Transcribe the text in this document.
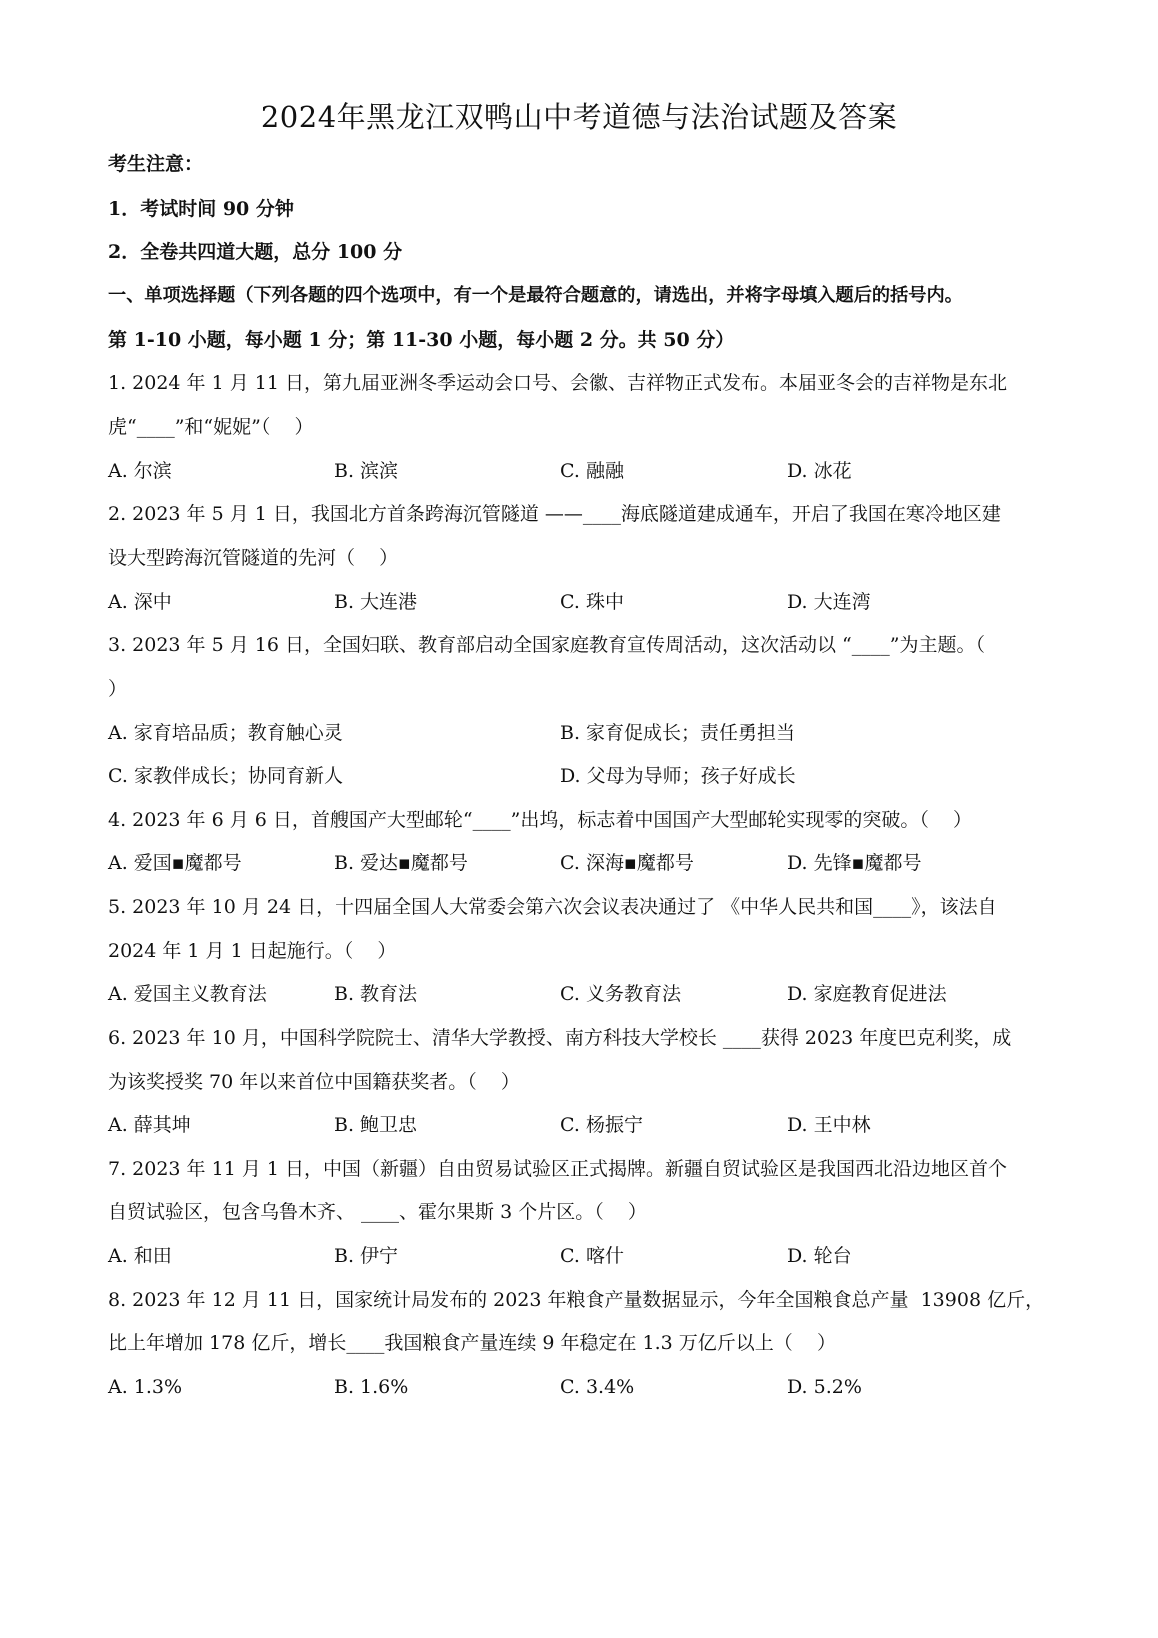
2024年黑龙江双鸭山中考道德与法治试题及答案
考生注意：
1．考试时间 90 分钟
2．全卷共四道大题，总分 100 分
一、单项选择题（下列各题的四个选项中，有一个是最符合题意的，请选出，并将字母填入题后的括号内。
第 1-10 小题，每小题 1 分；第 11-30 小题，每小题 2 分。共 50 分）
1. 2024 年 1 月 11 日，第九届亚洲冬季运动会口号、会徽、吉祥物正式发布。本届亚冬会的吉祥物是东北
虎“____”和“妮妮”（    ）
A. 尔滨	B. 滨滨	C. 融融	D. 冰花
2. 2023 年 5 月 1 日，我国北方首条跨海沉管隧道 ——____海底隧道建成通车，开启了我国在寒冷地区建
设大型跨海沉管隧道的先河（    ）
A. 深中	B. 大连港	C. 珠中	D. 大连湾
3. 2023 年 5 月 16 日，全国妇联、教育部启动全国家庭教育宣传周活动，这次活动以 “____”为主题。（
）
A. 家育培品质；教育触心灵	B. 家育促成长；责任勇担当
C. 家教伴成长；协同育新人	D. 父母为导师；孩子好成长
4. 2023 年 6 月 6 日，首艘国产大型邮轮“____”出坞，标志着中国国产大型邮轮实现零的突破。（    ）
A. 爱国▪魔都号	B. 爱达▪魔都号	C. 深海▪魔都号	D. 先锋▪魔都号
5. 2023 年 10 月 24 日，十四届全国人大常委会第六次会议表决通过了 《中华人民共和国____》，该法自
2024 年 1 月 1 日起施行。（    ）
A. 爱国主义教育法	B. 教育法	C. 义务教育法	D. 家庭教育促进法
6. 2023 年 10 月，中国科学院院士、清华大学教授、南方科技大学校长 ____获得 2023 年度巴克利奖，成
为该奖授奖 70 年以来首位中国籍获奖者。（    ）
A. 薛其坤	B. 鲍卫忠	C. 杨振宁	D. 王中林
7. 2023 年 11 月 1 日，中国（新疆）自由贸易试验区正式揭牌。新疆自贸试验区是我国西北沿边地区首个
自贸试验区，包含乌鲁木齐、 ____、霍尔果斯 3 个片区。（    ）
A. 和田	B. 伊宁	C. 喀什	D. 轮台
8. 2023 年 12 月 11 日，国家统计局发布的 2023 年粮食产量数据显示，今年全国粮食总产量  13908 亿斤，
比上年增加 178 亿斤，增长____我国粮食产量连续 9 年稳定在 1.3 万亿斤以上（    ）
A. 1.3%	B. 1.6%	C. 3.4%	D. 5.2%
